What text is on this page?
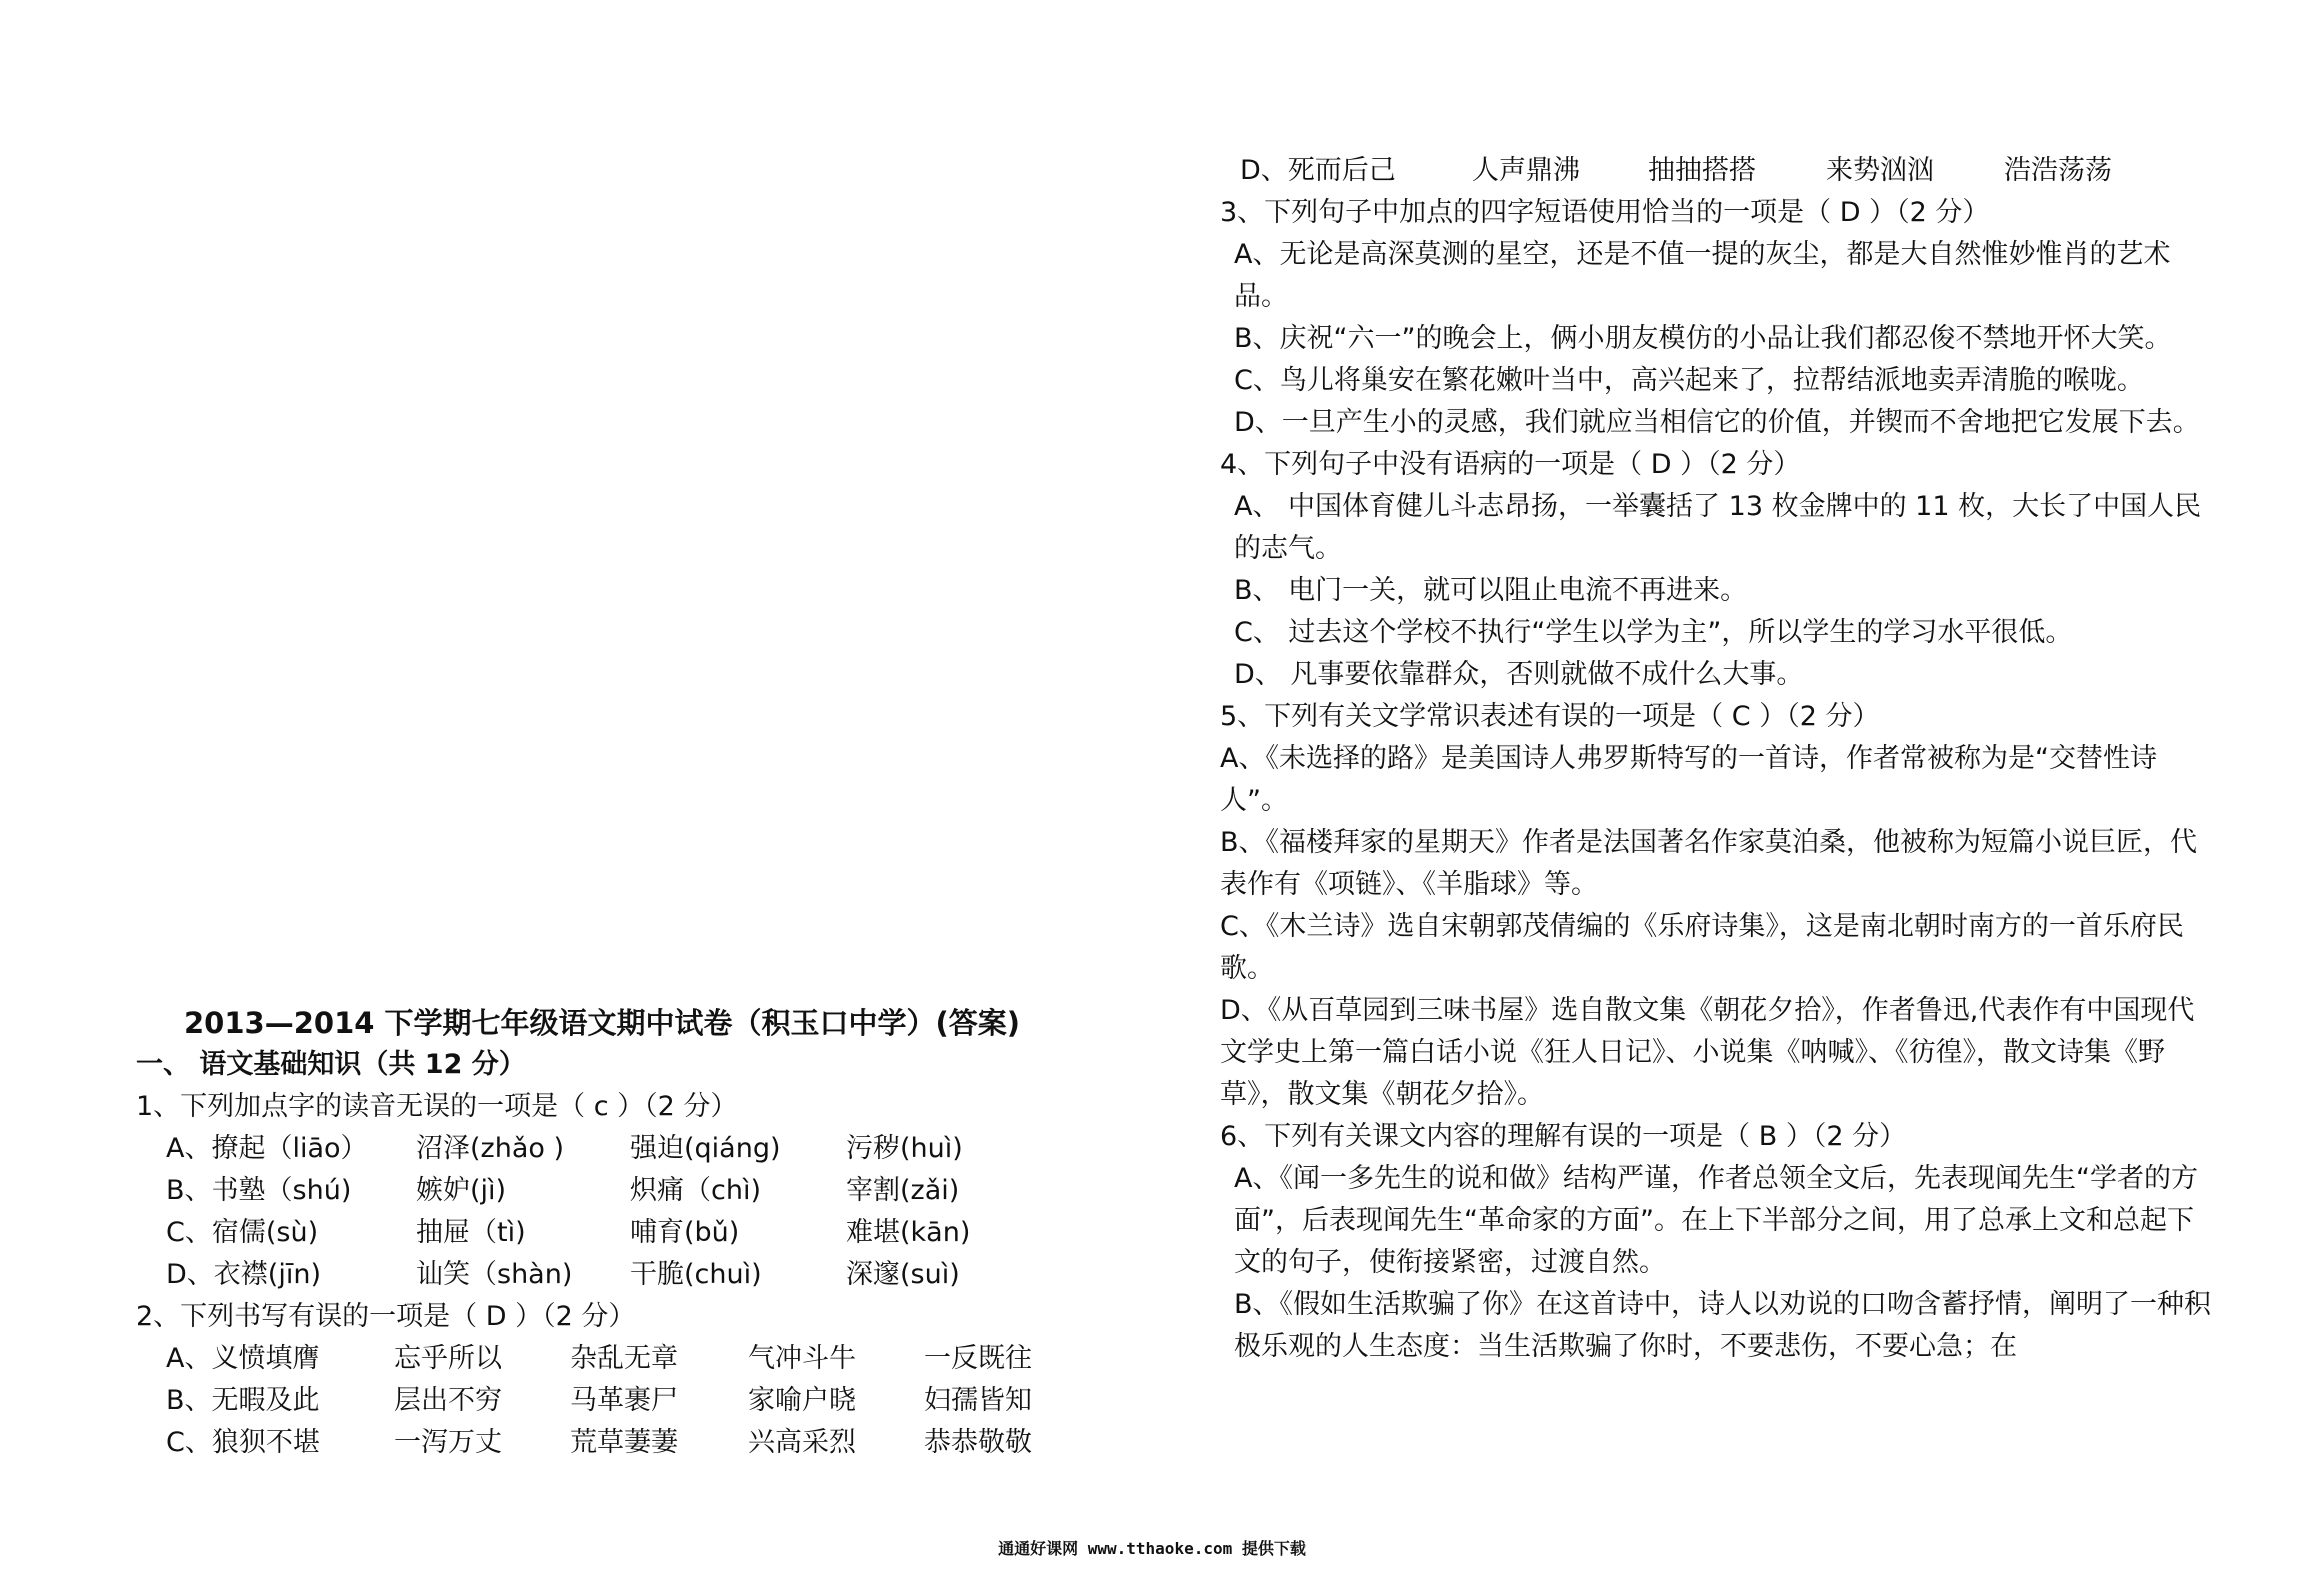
2013—2014 下学期七年级语文期中试卷（积玉口中学）(答案)
一、 语文基础知识（共 12 分）
1、下列加点字的读音无误的一项是（ c ）（2 分）
A、撩起（liāo）	沼泽(zhǎo )	强迫(qiáng)	污秽(huì)
B、书塾（shú)	嫉妒(jì)	炽痛（chì)	宰割(zǎi)
C、宿儒(sù)	抽屉（tì)	哺育(bǔ)	难堪(kān)
D、衣襟(jīn)	讪笑（shàn)	干脆(chuì)	深邃(suì)
2、下列书写有误的一项是（ D ）（2 分）
A、义愤填膺	忘乎所以	杂乱无章	气冲斗牛	一反既往
B、无暇及此	层出不穷	马革裹尸	家喻户晓	妇孺皆知
C、狼狈不堪	一泻万丈	荒草萋萋	兴高采烈	恭恭敬敬
D、死而后己	人声鼎沸	抽抽搭搭	来势汹汹	浩浩荡荡
3、下列句子中加点的四字短语使用恰当的一项是（ D ）（2 分）
A、无论是高深莫测的星空，还是不值一提的灰尘，都是大自然惟妙惟肖的艺术品。
B、庆祝“六一”的晚会上，俩小朋友模仿的小品让我们都忍俊不禁地开怀大笑。
C、鸟儿将巢安在繁花嫩叶当中，高兴起来了，拉帮结派地卖弄清脆的喉咙。
D、一旦产生小的灵感，我们就应当相信它的价值，并锲而不舍地把它发展下去。
4、下列句子中没有语病的一项是（ D ）（2 分）
A、 中国体育健儿斗志昂扬，一举囊括了 13 枚金牌中的 11 枚，大长了中国人民的志气。
B、 电门一关，就可以阻止电流不再进来。
C、 过去这个学校不执行“学生以学为主”，所以学生的学习水平很低。
D、 凡事要依靠群众，否则就做不成什么大事。
5、下列有关文学常识表述有误的一项是（ C ）（2 分）
A、《未选择的路》是美国诗人弗罗斯特写的一首诗，作者常被称为是“交替性诗人”。
B、《福楼拜家的星期天》作者是法国著名作家莫泊桑，他被称为短篇小说巨匠，代表作有《项链》、《羊脂球》等。
C、《木兰诗》选自宋朝郭茂倩编的《乐府诗集》，这是南北朝时南方的一首乐府民歌。
D、《从百草园到三味书屋》选自散文集《朝花夕拾》，作者鲁迅,代表作有中国现代文学史上第一篇白话小说《狂人日记》、小说集《呐喊》、《彷徨》，散文诗集《野草》，散文集《朝花夕拾》。
6、下列有关课文内容的理解有误的一项是（ B ）（2 分）
A、《闻一多先生的说和做》结构严谨，作者总领全文后，先表现闻先生“学者的方面”，后表现闻先生“革命家的方面”。在上下半部分之间，用了总承上文和总起下文的句子，使衔接紧密，过渡自然。
B、《假如生活欺骗了你》在这首诗中，诗人以劝说的口吻含蓄抒情，阐明了一种积极乐观的人生态度：当生活欺骗了你时，不要悲伤，不要心急；在
通通好课网 www.tthaoke.com 提供下载
